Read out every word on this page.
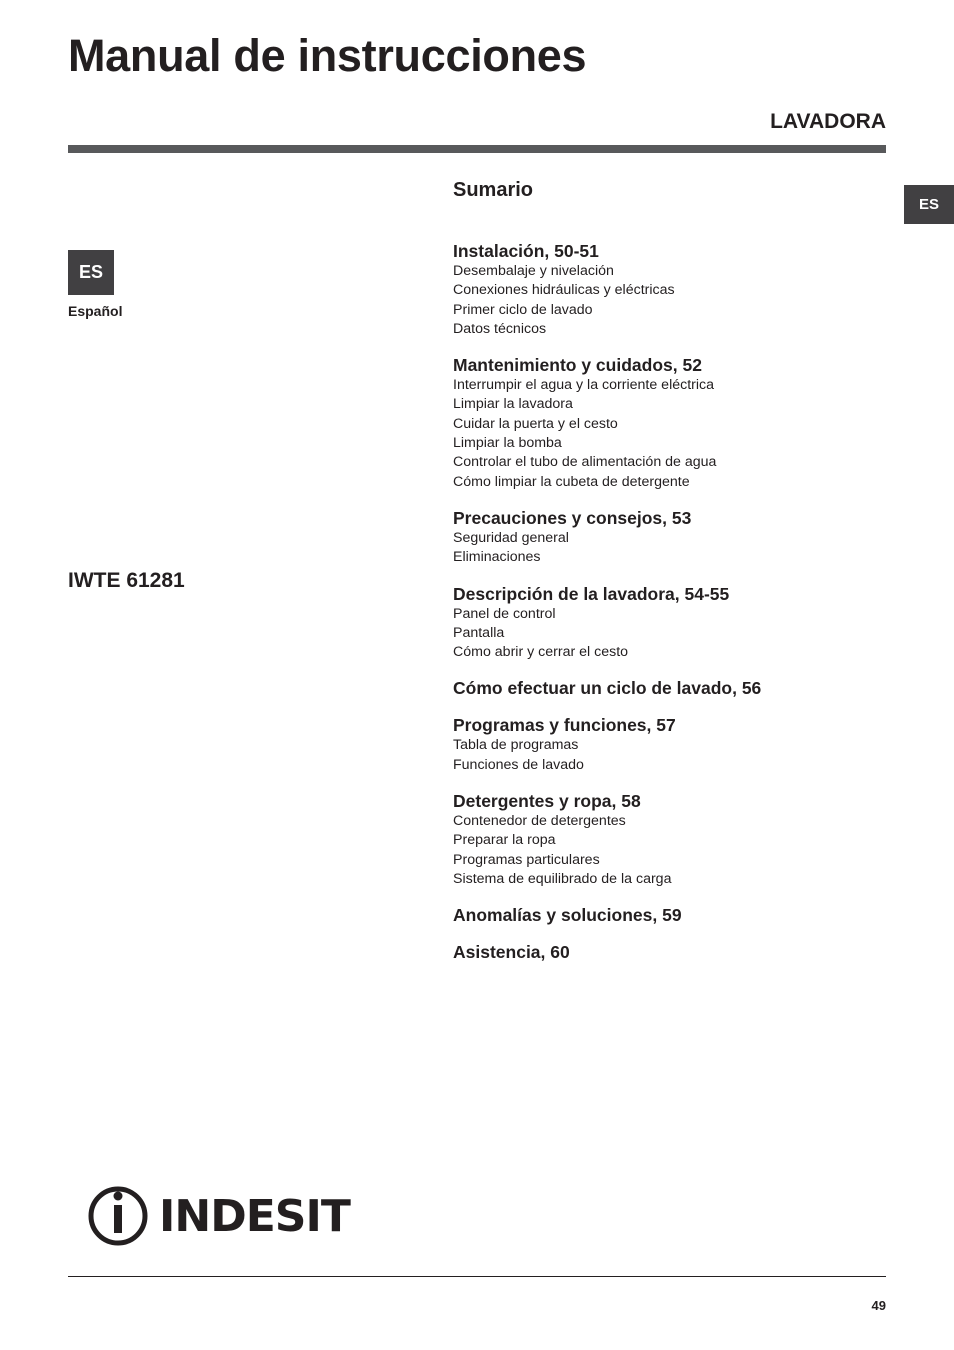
Manual de instrucciones
LAVADORA
ES
ES
Español
IWTE 61281
Sumario
Instalación, 50-51
Desembalaje y nivelación
Conexiones hidráulicas y eléctricas
Primer ciclo de lavado
Datos técnicos
Mantenimiento y cuidados, 52
Interrumpir el agua y la corriente eléctrica
Limpiar la lavadora
Cuidar la puerta y el cesto
Limpiar la bomba
Controlar el tubo de alimentación de agua
Cómo limpiar la cubeta de detergente
Precauciones y consejos, 53
Seguridad general
Eliminaciones
Descripción de la lavadora, 54-55
Panel de control
Pantalla
Cómo abrir y cerrar el cesto
Cómo efectuar un ciclo de lavado, 56
Programas y funciones, 57
Tabla de programas
Funciones de lavado
Detergentes y ropa, 58
Contenedor de detergentes
Preparar la ropa
Programas particulares
Sistema de equilibrado de la carga
Anomalías y soluciones, 59
Asistencia, 60
INDESIT
49
